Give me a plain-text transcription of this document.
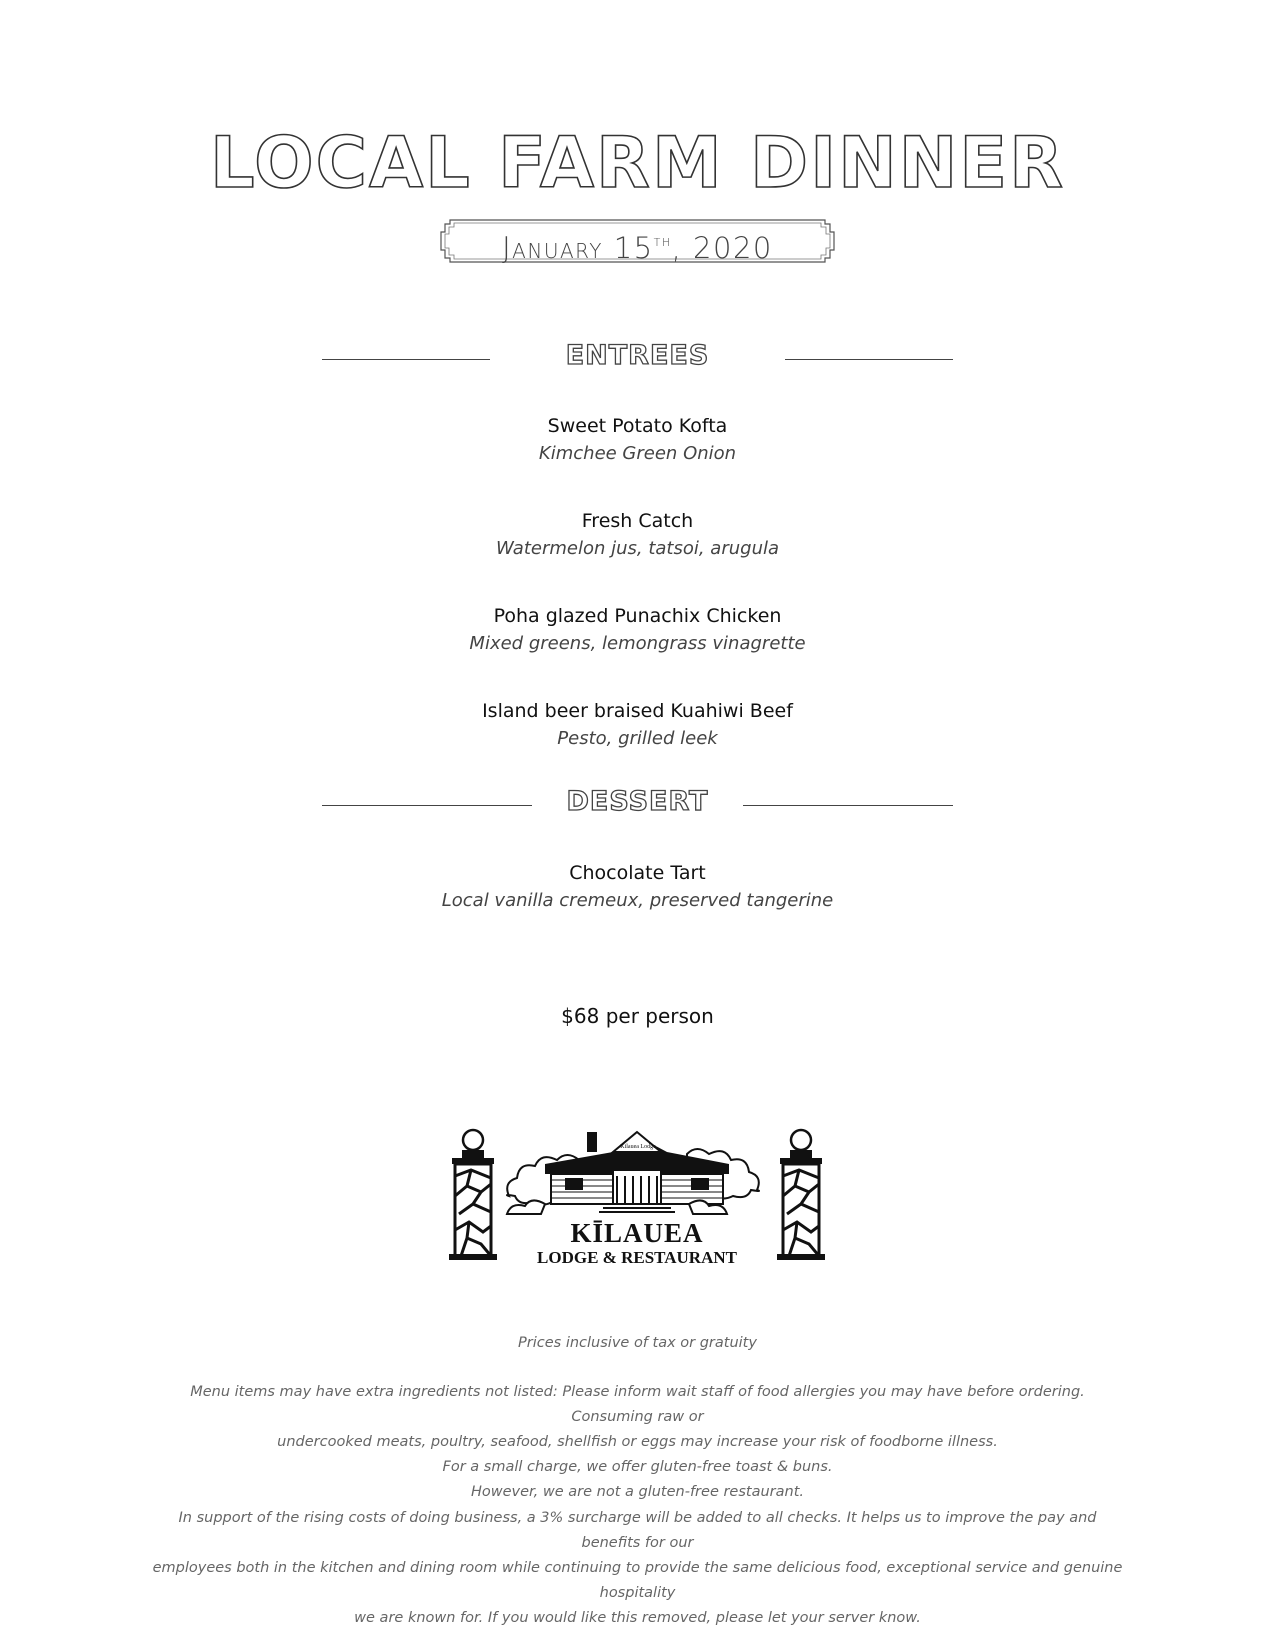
LOCAL FARM DINNER
January 15th, 2020
ENTREES
Sweet Potato Kofta
Kimchee Green Onion
Fresh Catch
Watermelon jus, tatsoi, arugula
Poha glazed Punachix Chicken
Mixed greens, lemongrass vinagrette
Island beer braised Kuahiwi Beef
Pesto, grilled leek
DESSERT
Chocolate Tart
Local vanilla cremeux, preserved tangerine
$68 per person
Kilauea Lodge
KĪLAUEA
LODGE & RESTAURANT
Prices inclusive of tax or gratuity
Menu items may have extra ingredients not listed: Please inform wait staff of food allergies you may have before ordering. Consuming raw or
undercooked meats, poultry, seafood, shellfish or eggs may increase your risk of foodborne illness.
For a small charge, we offer gluten-free toast & buns.
However, we are not a gluten-free restaurant.
In support of the rising costs of doing business, a 3% surcharge will be added to all checks. It helps us to improve the pay and benefits for our
employees both in the kitchen and dining room while continuing to provide the same delicious food, exceptional service and genuine hospitality
we are known for. If you would like this removed, please let your server know.
